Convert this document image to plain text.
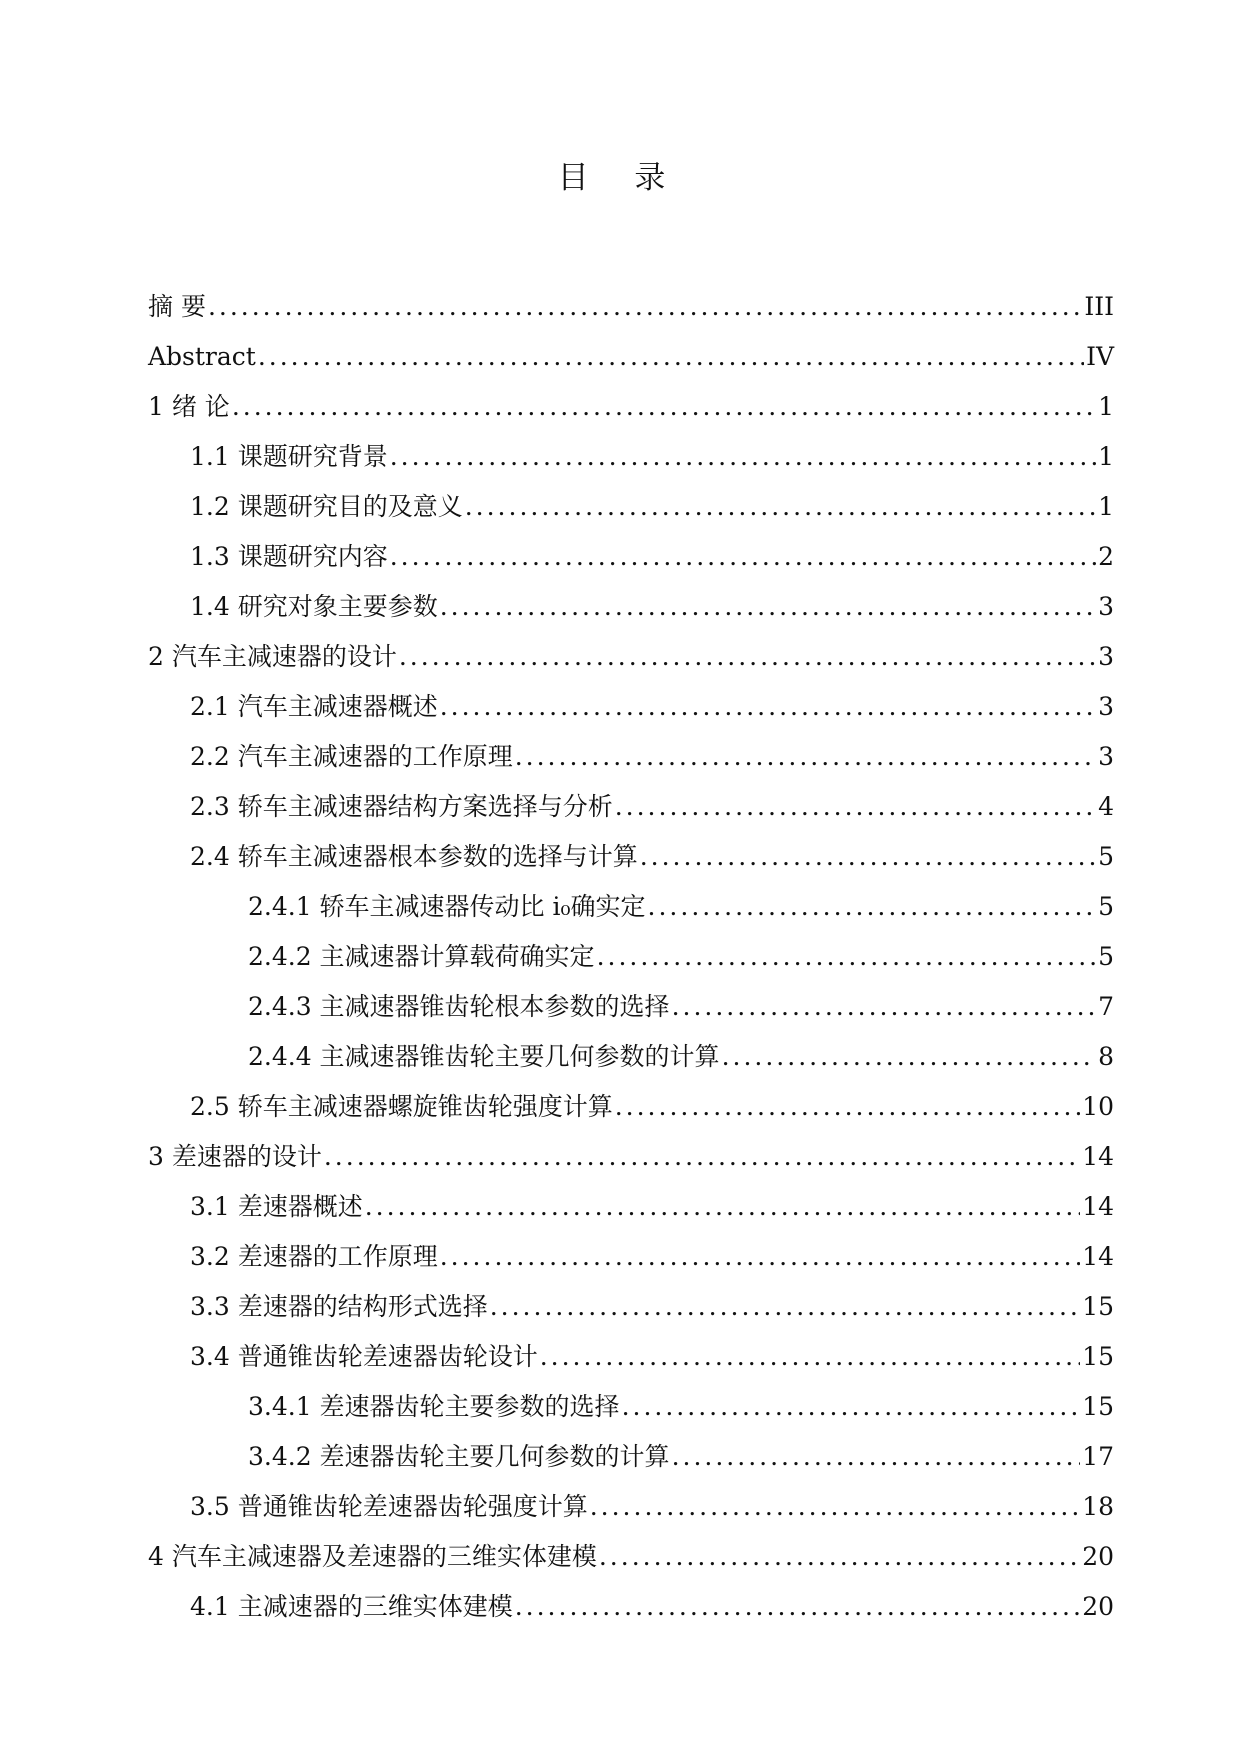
目 录
摘 要 .....	III
Abstract .....	IV
1 绪 论 .....	1
1.1 课题研究背景 .....	1
1.2 课题研究目的及意义 .....	1
1.3 课题研究内容 .....	2
1.4 研究对象主要参数 .....	3
2 汽车主减速器的设计 .....	3
2.1 汽车主减速器概述 .....	3
2.2 汽车主减速器的工作原理 .....	3
2.3 轿车主减速器结构方案选择与分析 .....	4
2.4 轿车主减速器根本参数的选择与计算 .....	5
2.4.1 轿车主减速器传动比 i₀确实定 .....	5
2.4.2 主减速器计算载荷确实定 .....	5
2.4.3 主减速器锥齿轮根本参数的选择 .....	7
2.4.4 主减速器锥齿轮主要几何参数的计算 .....	8
2.5 轿车主减速器螺旋锥齿轮强度计算 .....	10
3 差速器的设计 .....	14
3.1 差速器概述 .....	14
3.2 差速器的工作原理 .....	14
3.3 差速器的结构形式选择 .....	15
3.4 普通锥齿轮差速器齿轮设计 .....	15
3.4.1 差速器齿轮主要参数的选择 .....	15
3.4.2 差速器齿轮主要几何参数的计算 .....	17
3.5 普通锥齿轮差速器齿轮强度计算 .....	18
4 汽车主减速器及差速器的三维实体建模 .....	20
4.1 主减速器的三维实体建模 .....	20
